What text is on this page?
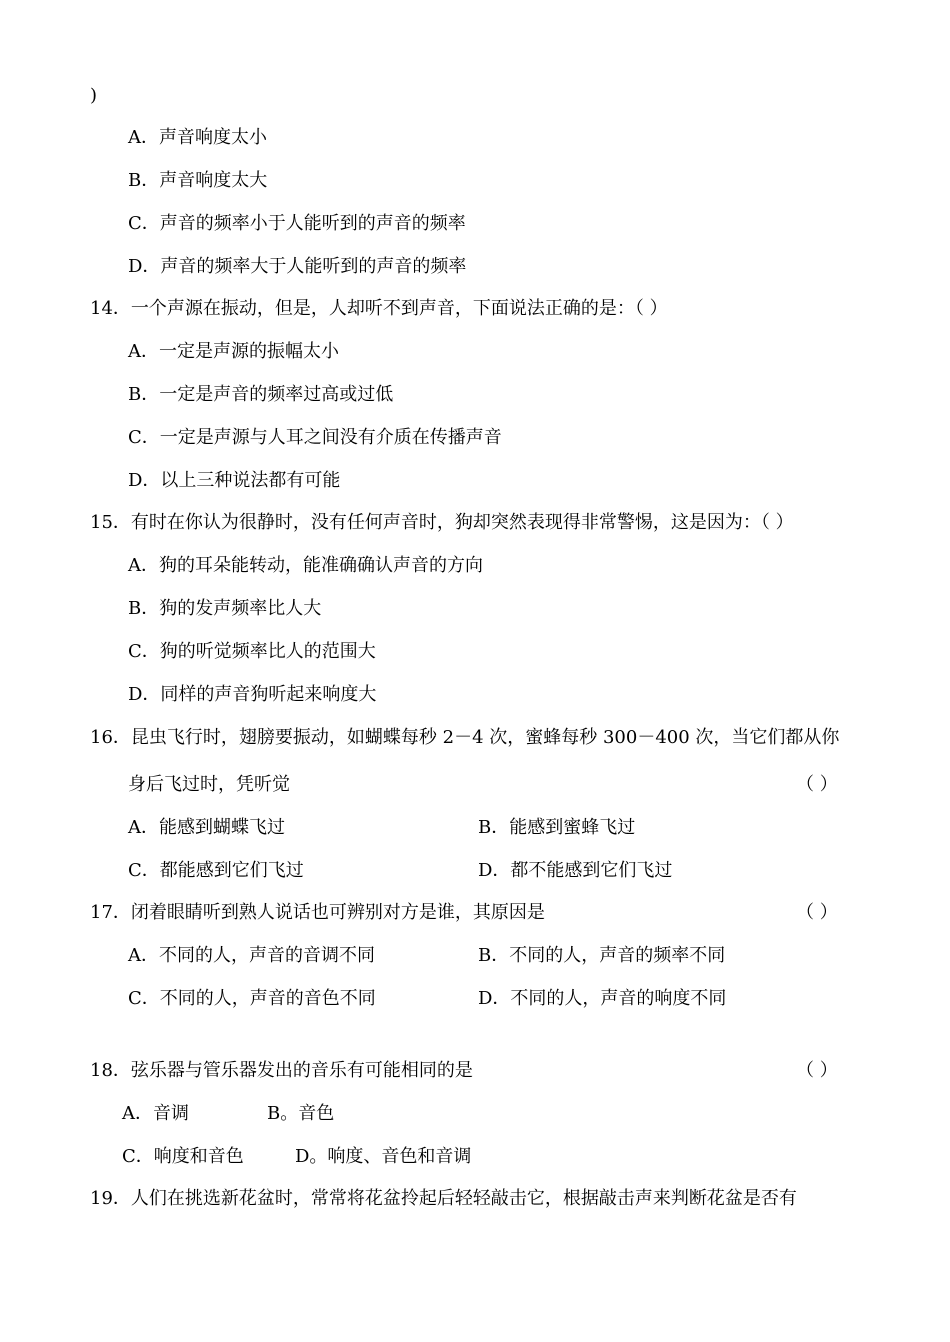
)
A．声音响度太小
B．声音响度太大
C．声音的频率小于人能听到的声音的频率
D．声音的频率大于人能听到的声音的频率
14．一个声源在振动，但是，人却听不到声音，下面说法正确的是：（ ）
A．一定是声源的振幅太小
B．一定是声音的频率过高或过低
C．一定是声源与人耳之间没有介质在传播声音
D．以上三种说法都有可能
15．有时在你认为很静时，没有任何声音时，狗却突然表现得非常警惕，这是因为：（ ）
A．狗的耳朵能转动，能准确确认声音的方向
B．狗的发声频率比人大
C．狗的听觉频率比人的范围大
D．同样的声音狗听起来响度大
16．昆虫飞行时，翅膀要振动，如蝴蝶每秒 2－4 次，蜜蜂每秒 300－400 次，当它们都从你
身后飞过时，凭听觉	（ ）
A．能感到蝴蝶飞过	B．能感到蜜蜂飞过
C．都能感到它们飞过	D．都不能感到它们飞过
17．闭着眼睛听到熟人说话也可辨别对方是谁，其原因是	（ ）
A．不同的人，声音的音调不同	B．不同的人，声音的频率不同
C．不同的人，声音的音色不同	D．不同的人，声音的响度不同
18．弦乐器与管乐器发出的音乐有可能相同的是	（ ）
A．音调	B。音色
C．响度和音色	D。响度、音色和音调
19．人们在挑选新花盆时，常常将花盆拎起后轻轻敲击它，根据敲击声来判断花盆是否有
